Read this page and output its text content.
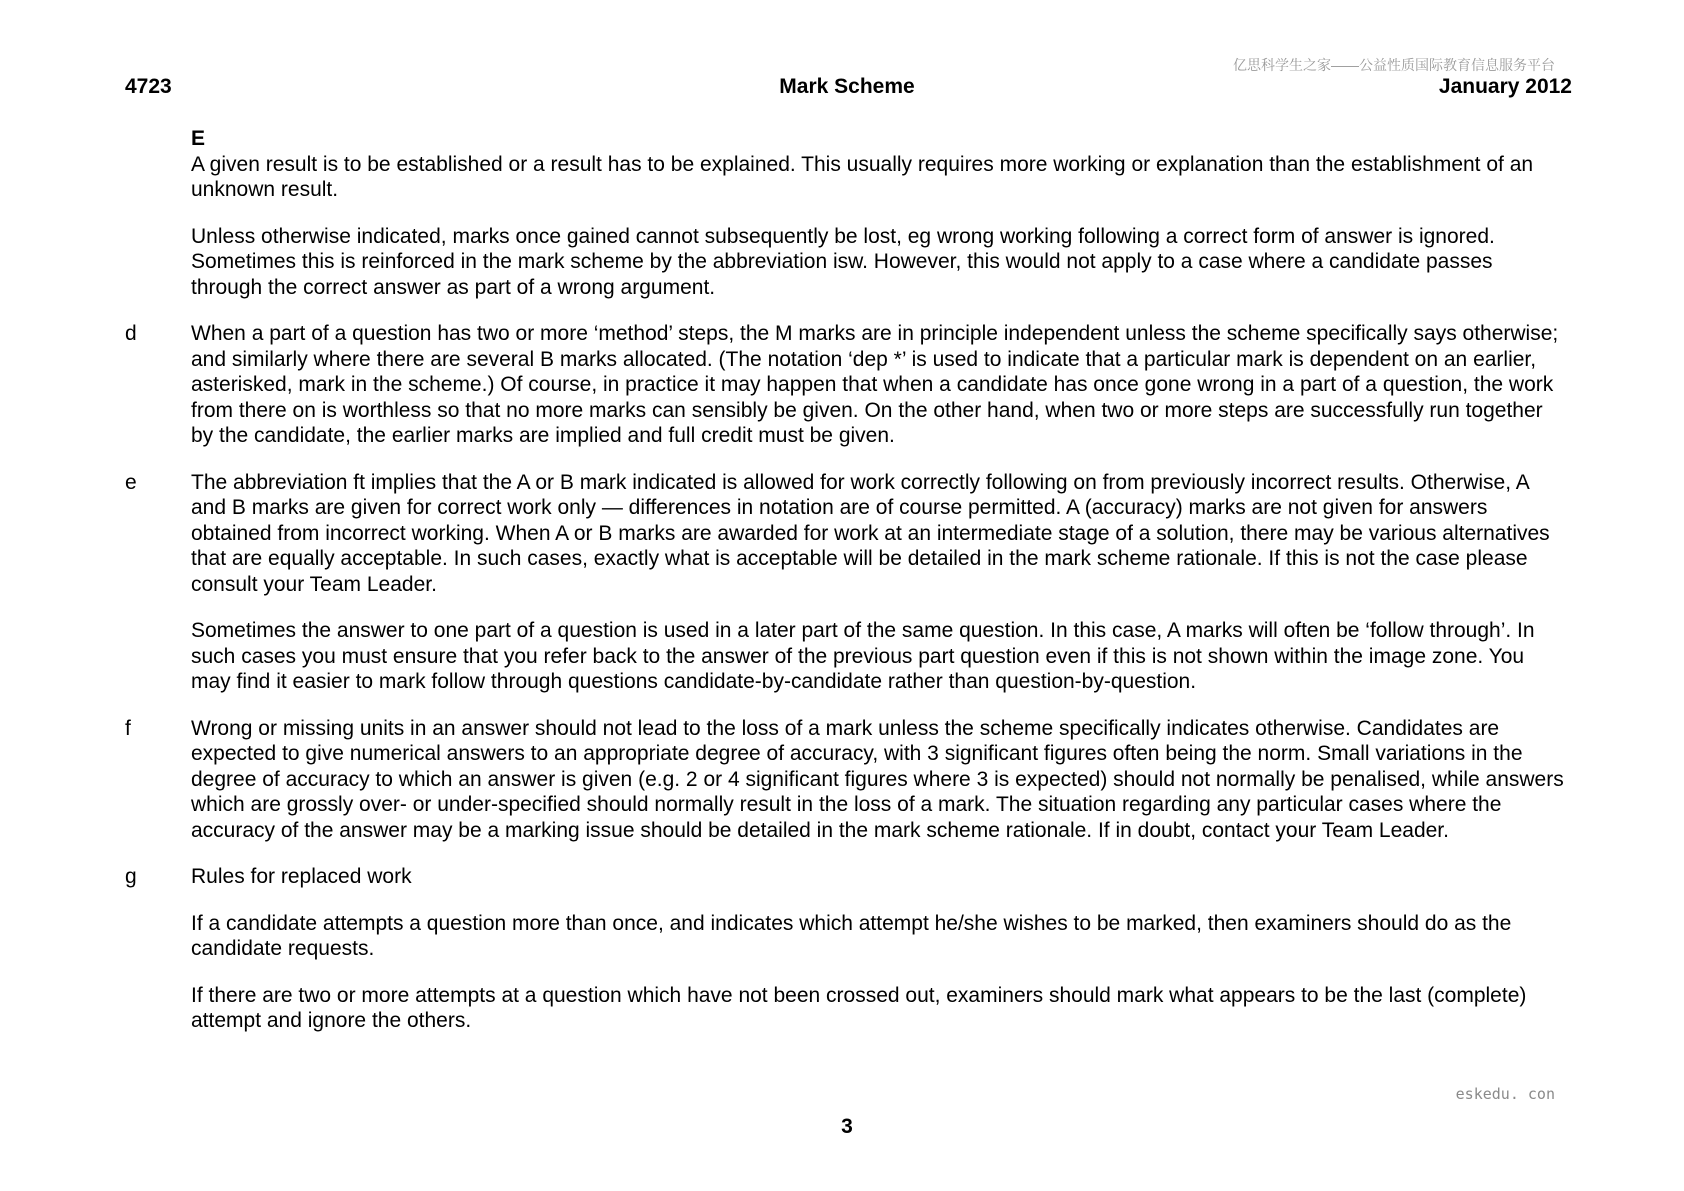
亿思科学生之家——公益性质国际教育信息服务平台
4723	Mark Scheme	January 2012
E

A given result is to be established or a result has to be explained. This usually requires more working or explanation than the establishment of an unknown result.

Unless otherwise indicated, marks once gained cannot subsequently be lost, eg wrong working following a correct form of answer is ignored. Sometimes this is reinforced in the mark scheme by the abbreviation isw. However, this would not apply to a case where a candidate passes through the correct answer as part of a wrong argument.

d	When a part of a question has two or more ‘method’ steps, the M marks are in principle independent unless the scheme specifically says otherwise; and similarly where there are several B marks allocated. (The notation ‘dep *’ is used to indicate that a particular mark is dependent on an earlier, asterisked, mark in the scheme.) Of course, in practice it may happen that when a candidate has once gone wrong in a part of a question, the work from there on is worthless so that no more marks can sensibly be given. On the other hand, when two or more steps are successfully run together by the candidate, the earlier marks are implied and full credit must be given.

e	The abbreviation ft implies that the A or B mark indicated is allowed for work correctly following on from previously incorrect results. Otherwise, A and B marks are given for correct work only — differences in notation are of course permitted. A (accuracy) marks are not given for answers obtained from incorrect working. When A or B marks are awarded for work at an intermediate stage of a solution, there may be various alternatives that are equally acceptable. In such cases, exactly what is acceptable will be detailed in the mark scheme rationale. If this is not the case please consult your Team Leader.

Sometimes the answer to one part of a question is used in a later part of the same question. In this case, A marks will often be ‘follow through’. In such cases you must ensure that you refer back to the answer of the previous part question even if this is not shown within the image zone. You may find it easier to mark follow through questions candidate-by-candidate rather than question-by-question.

f	Wrong or missing units in an answer should not lead to the loss of a mark unless the scheme specifically indicates otherwise. Candidates are expected to give numerical answers to an appropriate degree of accuracy, with 3 significant figures often being the norm. Small variations in the degree of accuracy to which an answer is given (e.g. 2 or 4 significant figures where 3 is expected) should not normally be penalised, while answers which are grossly over- or under-specified should normally result in the loss of a mark. The situation regarding any particular cases where the accuracy of the answer may be a marking issue should be detailed in the mark scheme rationale. If in doubt, contact your Team Leader.

g	Rules for replaced work

If a candidate attempts a question more than once, and indicates which attempt he/she wishes to be marked, then examiners should do as the candidate requests.

If there are two or more attempts at a question which have not been crossed out, examiners should mark what appears to be the last (complete) attempt and ignore the others.

eskedu. con
3
